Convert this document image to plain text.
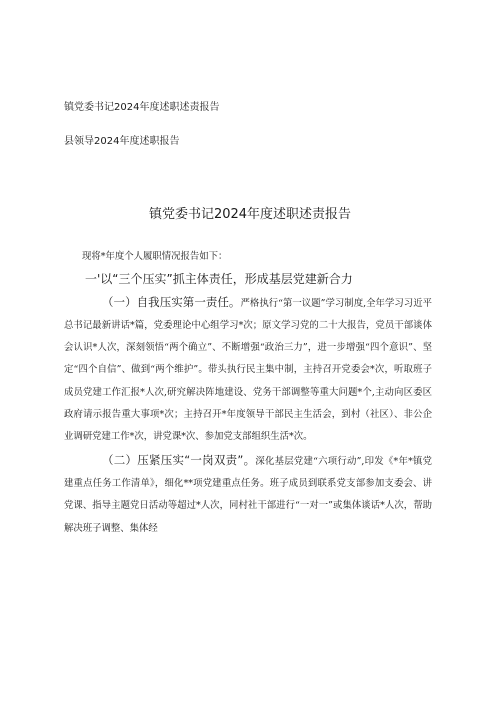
镇党委书记2024年度述职述责报告
县领导2024年度述职报告
镇党委书记2024年度述职述责报告

现将*年度个人履职情况报告如下：

一'以“三个压实”抓主体责任，形成基层党建新合力

（一）自我压实第一责任。严格执行“第一议题”学习制度,全年学习习近平总书记最新讲话*篇，党委理论中心组学习*次；原文学习党的二十大报告，党员干部谈体会认识*人次，深刻领悟“两个确立”、不断增强“政治三力”，进一步增强“四个意识”、坚定“四个自信”、做到“两个维护”。带头执行民主集中制，主持召开党委会*次，听取班子成员党建工作汇报*人次,研究解决阵地建设、党务干部调整等重大问题*个,主动向区委区政府请示报告重大事项*次；主持召开*年度领导干部民主生活会，到村（社区）、非公企业调研党建工作*次，讲党课*次、参加党支部组织生活*次。

（二）压紧压实“一岗双责”。深化基层党建“六项行动”,印发《*年*镇党建重点任务工作清单》，细化**项党建重点任务。班子成员到联系党支部参加支委会、讲党课、指导主题党日活动等超过*人次，同村社干部进行“一对一”或集体谈话*人次，帮助解决班子调整、集体经
